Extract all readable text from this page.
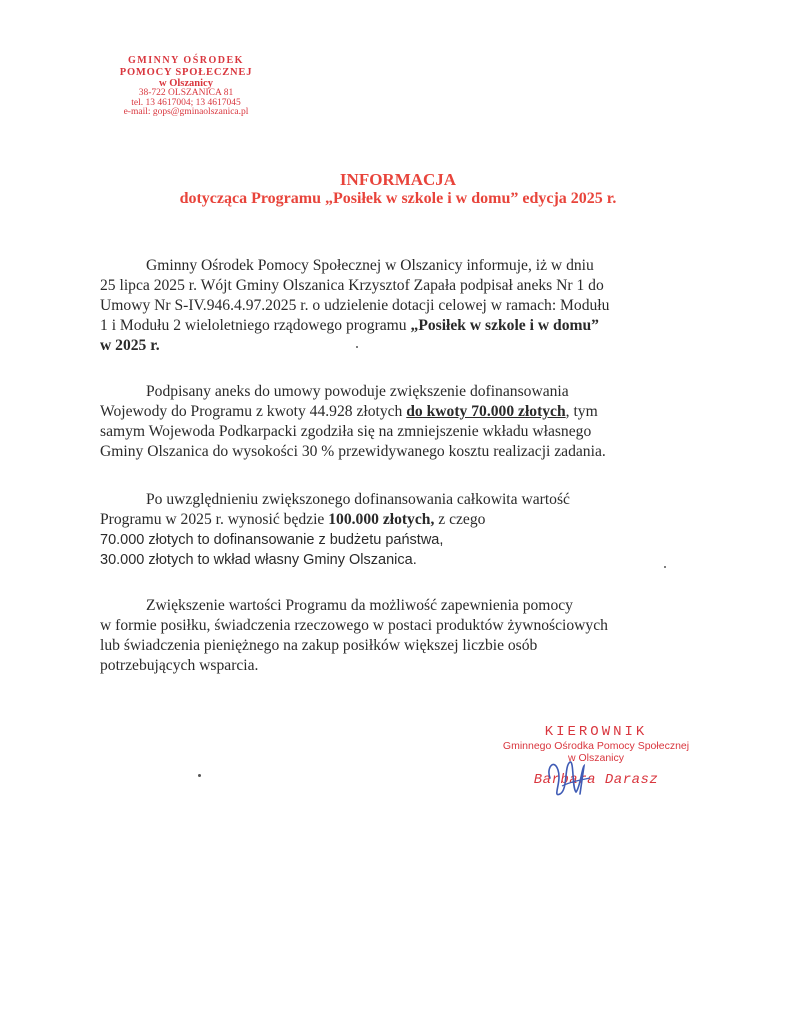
GMINNY OŚRODEK
POMOCY SPOŁECZNEJ
w Olszanicy
38-722 OLSZANICA 81
tel. 13 4617004; 13 4617045
e-mail: gops@gminaolszanica.pl
INFORMACJA
dotycząca Programu „Posiłek w szkole i w domu” edycja 2025 r.
Gminny Ośrodek Pomocy Społecznej w Olszanicy informuje, iż w dniu
25 lipca 2025 r. Wójt Gminy Olszanica Krzysztof Zapała podpisał aneks Nr 1 do
Umowy Nr S-IV.946.4.97.2025 r. o udzielenie dotacji celowej w ramach: Modułu
1 i Modułu 2 wieloletniego rządowego programu „Posiłek w szkole i w domu”
w 2025 r.
Podpisany aneks do umowy powoduje zwiększenie dofinansowania
Wojewody do Programu z kwoty 44.928 złotych do kwoty 70.000 złotych, tym
samym Wojewoda Podkarpacki zgodziła się na zmniejszenie wkładu własnego
Gminy Olszanica do wysokości 30 % przewidywanego kosztu realizacji zadania.
Po uwzględnieniu zwiększonego dofinansowania całkowita wartość
Programu w 2025 r. wynosić będzie 100.000 złotych, z czego
70.000 złotych to dofinansowanie z budżetu państwa,
30.000 złotych to wkład własny Gminy Olszanica.
Zwiększenie wartości Programu da możliwość zapewnienia pomocy
w formie posiłku, świadczenia rzeczowego w postaci produktów żywnościowych
lub świadczenia pieniężnego na zakup posiłków większej liczbie osób
potrzebujących wsparcia.
KIEROWNIK
Gminnego Ośrodka Pomocy Społecznej
w Olszanicy
Barbara Darasz
